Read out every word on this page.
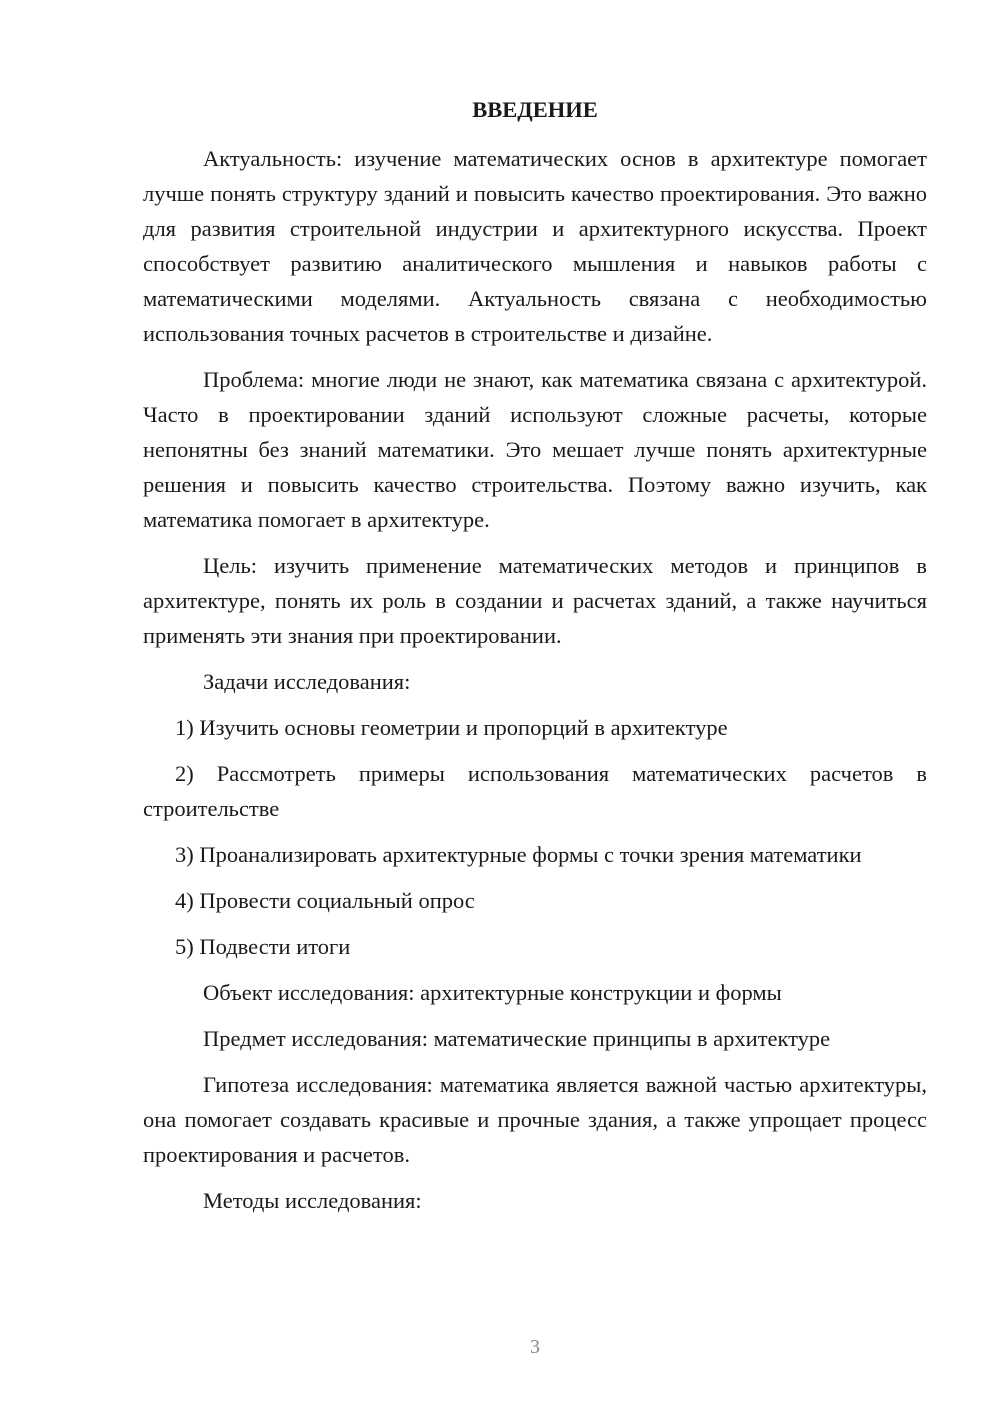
ВВЕДЕНИЕ

Актуальность: изучение математических основ в архитектуре помогает лучше понять структуру зданий и повысить качество проектирования. Это важно для развития строительной индустрии и архитектурного искусства. Проект способствует развитию аналитического мышления и навыков работы с математическими моделями. Актуальность связана с необходимостью использования точных расчетов в строительстве и дизайне.

Проблема: многие люди не знают, как математика связана с архитектурой. Часто в проектировании зданий используют сложные расчеты, которые непонятны без знаний математики. Это мешает лучше понять архитектурные решения и повысить качество строительства. Поэтому важно изучить, как математика помогает в архитектуре.

Цель: изучить применение математических методов и принципов в архитектуре, понять их роль в создании и расчетах зданий, а также научиться применять эти знания при проектировании.

Задачи исследования:

1) Изучить основы геометрии и пропорций в архитектуре

2) Рассмотреть примеры использования математических расчетов в строительстве

3) Проанализировать архитектурные формы с точки зрения математики

4) Провести социальный опрос

5) Подвести итоги

Объект исследования: архитектурные конструкции и формы

Предмет исследования: математические принципы в архитектуре

Гипотеза исследования: математика является важной частью архитектуры, она помогает создавать красивые и прочные здания, а также упрощает процесс проектирования и расчетов.

Методы исследования:

3
